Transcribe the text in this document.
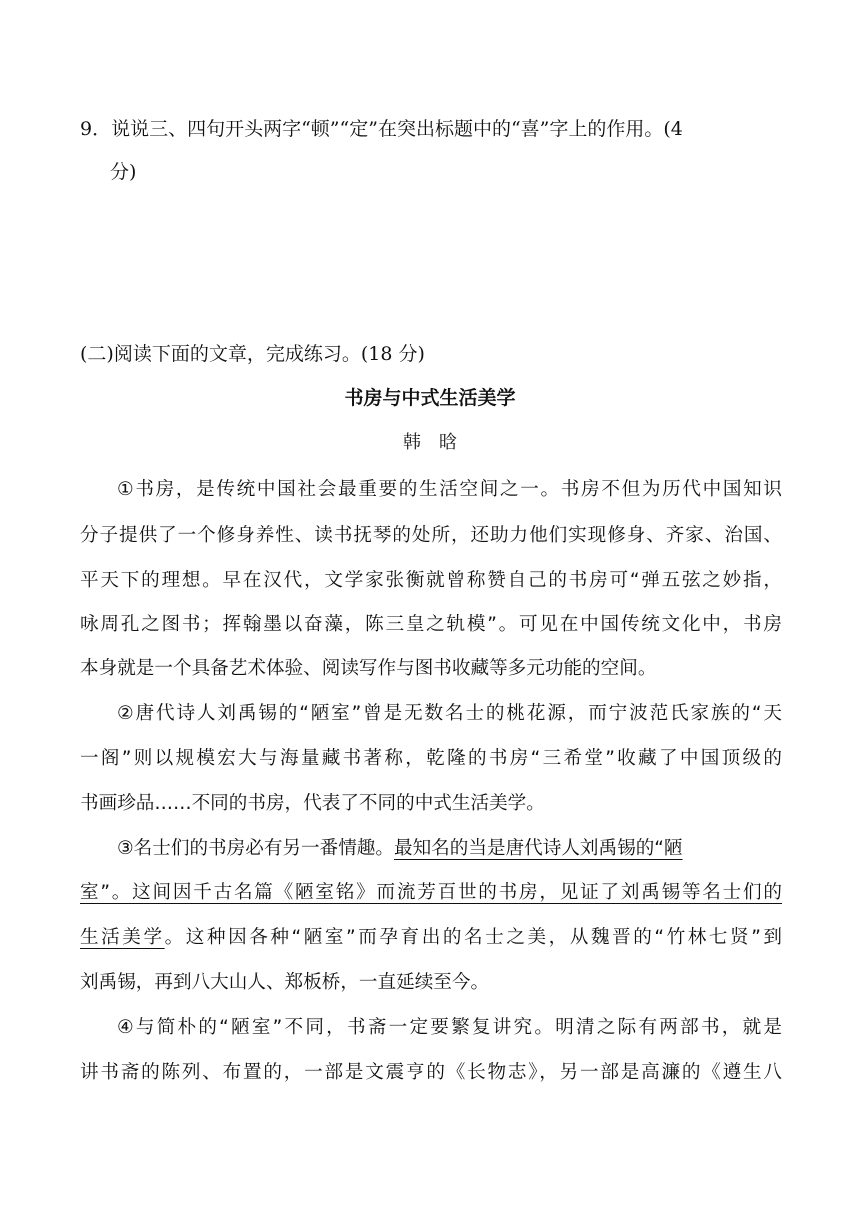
9．说说三、四句开头两字“顿”“定”在突出标题中的“喜”字上的作用。(4

分)

(二)阅读下面的文章，完成练习。(18 分)

书房与中式生活美学

韩 晗

①书房，是传统中国社会最重要的生活空间之一。书房不但为历代中国知识

分子提供了一个修身养性、读书抚琴的处所，还助力他们实现修身、齐家、治国、

平天下的理想。早在汉代，文学家张衡就曾称赞自己的书房可“弹五弦之妙指，

咏周孔之图书；挥翰墨以奋藻，陈三皇之轨模”。可见在中国传统文化中，书房

本身就是一个具备艺术体验、阅读写作与图书收藏等多元功能的空间。

②唐代诗人刘禹锡的“陋室”曾是无数名士的桃花源，而宁波范氏家族的“天

一阁”则以规模宏大与海量藏书著称，乾隆的书房“三希堂”收藏了中国顶级的

书画珍品……不同的书房，代表了不同的中式生活美学。

③名士们的书房必有另一番情趣。最知名的当是唐代诗人刘禹锡的“陋

室”。这间因千古名篇《陋室铭》而流芳百世的书房，见证了刘禹锡等名士们的

生活美学。这种因各种“陋室”而孕育出的名士之美，从魏晋的“竹林七贤”到

刘禹锡，再到八大山人、郑板桥，一直延续至今。

④与简朴的“陋室”不同，书斋一定要繁复讲究。明清之际有两部书，就是

讲书斋的陈列、布置的，一部是文震亨的《长物志》，另一部是高濂的《遵生八
